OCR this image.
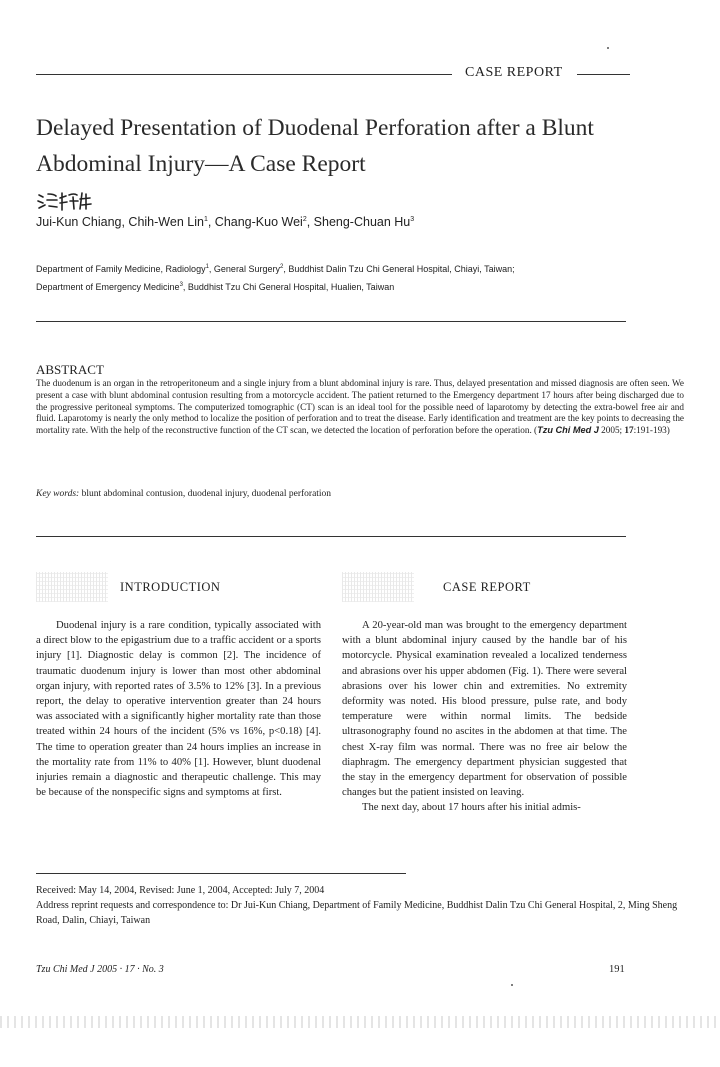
CASE REPORT
Delayed Presentation of Duodenal Perforation after a Blunt
Abdominal Injury—A Case Report
Jui-Kun Chiang, Chih-Wen Lin$^1$, Chang-Kuo Wei$^2$, Sheng-Chuan Hu$^3$
Department of Family Medicine, Radiology$^1$, General Surgery$^2$, Buddhist Dalin Tzu Chi General Hospital, Chiayi, Taiwan;
Department of Emergency Medicine$^3$, Buddhist Tzu Chi General Hospital, Hualien, Taiwan
ABSTRACT
The duodenum is an organ in the retroperitoneum and a single injury from a blunt abdominal injury is rare. Thus, delayed presentation and missed diagnosis are often seen. We present a case with blunt abdominal contusion resulting from a motorcycle accident. The patient returned to the Emergency department 17 hours after being discharged due to the progressive peritoneal symptoms. The computerized tomographic (CT) scan is an ideal tool for the possible need of laparotomy by detecting the extra-bowel free air and fluid. Laparotomy is nearly the only method to localize the position of perforation and to treat the disease. Early identification and treatment are the key points to decreasing the mortality rate. With the help of the reconstructive function of the CT scan, we detected the location of perforation before the operation. (Tzu Chi Med J 2005; 17:191-193)
Key words: blunt abdominal contusion, duodenal injury, duodenal perforation
INTRODUCTION	CASE REPORT

Duodenal injury is a rare condition, typically associated with a direct blow to the epigastrium due to a traffic accident or a sports injury [1]. Diagnostic delay is common [2]. The incidence of traumatic duodenum injury is lower than most other abdominal organ injury, with reported rates of 3.5% to 12% [3]. In a previous report, the delay to operative intervention greater than 24 hours was associated with a significantly higher mortality rate than those treated within 24 hours of the incident (5% vs 16%, p<0.18) [4]. The time to operation greater than 24 hours implies an increase in the mortality rate from 11% to 40% [1]. However, blunt duodenal injuries remain a diagnostic and therapeutic challenge. This may be because of the nonspecific signs and symptoms at first.

A 20-year-old man was brought to the emergency department with a blunt abdominal injury caused by the handle bar of his motorcycle. Physical examination revealed a localized tenderness and abrasions over his upper abdomen (Fig. 1). There were several abrasions over his lower chin and extremities. No extremity deformity was noted. His blood pressure, pulse rate, and body temperature were within normal limits. The bedside ultrasonography found no ascites in the abdomen at that time. The chest X-ray film was normal. There was no free air below the diaphragm. The emergency department physician suggested that the stay in the emergency department for observation of possible changes but the patient insisted on leaving.

The next day, about 17 hours after his initial admis-

Received: May 14, 2004, Revised: June 1, 2004, Accepted: July 7, 2004
Address reprint requests and correspondence to: Dr Jui-Kun Chiang, Department of Family Medicine, Buddhist Dalin Tzu Chi General Hospital, 2, Ming Sheng Road, Dalin, Chiayi, Taiwan
Tzu Chi Med J 2005 · 17 · No. 3	191
